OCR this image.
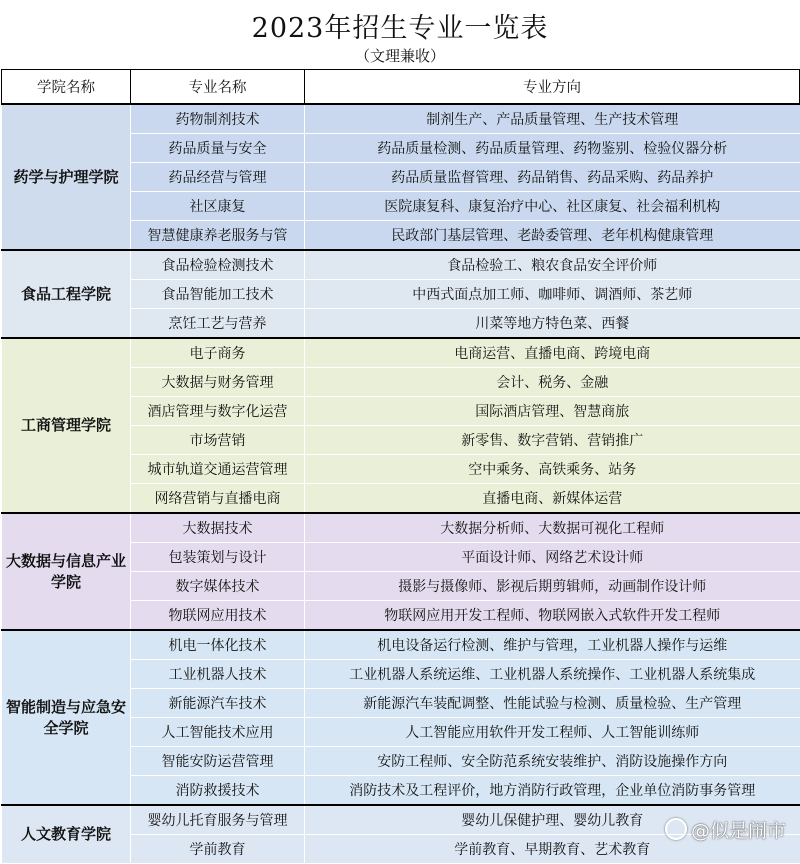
2023年招生专业一览表

（文理兼收）

学院名称	专业名称	专业方向
药学与护理学院	药物制剂技术	制剂生产、产品质量管理、生产技术管理
	药品质量与安全	药品质量检测、药品质量管理、药物鉴别、检验仪器分析
	药品经营与管理	药品质量监督管理、药品销售、药品采购、药品养护
	社区康复	医院康复科、康复治疗中心、社区康复、社会福利机构
	智慧健康养老服务与管	民政部门基层管理、老龄委管理、老年机构健康管理
食品工程学院	食品检验检测技术	食品检验工、粮农食品安全评价师
	食品智能加工技术	中西式面点加工师、咖啡师、调酒师、茶艺师
	烹饪工艺与营养	川菜等地方特色菜、西餐
工商管理学院	电子商务	电商运营、直播电商、跨境电商
	大数据与财务管理	会计、税务、金融
	酒店管理与数字化运营	国际酒店管理、智慧商旅
	市场营销	新零售、数字营销、营销推广
	城市轨道交通运营管理	空中乘务、高铁乘务、站务
	网络营销与直播电商	直播电商、新媒体运营
大数据与信息产业学院	大数据技术	大数据分析师、大数据可视化工程师
	包装策划与设计	平面设计师、网络艺术设计师
	数字媒体技术	摄影与摄像师、影视后期剪辑师，动画制作设计师
	物联网应用技术	物联网应用开发工程师、物联网嵌入式软件开发工程师
智能制造与应急安全学院	机电一体化技术	机电设备运行检测、维护与管理，工业机器人操作与运维
	工业机器人技术	工业机器人系统运维、工业机器人系统操作、工业机器人系统集成
	新能源汽车技术	新能源汽车装配调整、性能试验与检测、质量检验、生产管理
	人工智能技术应用	人工智能应用软件开发工程师、人工智能训练师
	智能安防运营管理	安防工程师、安全防范系统安装维护、消防设施操作方向
	消防救援技术	消防技术及工程评价，地方消防行政管理，企业单位消防事务管理
人文教育学院	婴幼儿托育服务与管理	婴幼儿保健护理、婴幼儿教育
	学前教育	学前教育、早期教育、艺术教育
@似是闹市
